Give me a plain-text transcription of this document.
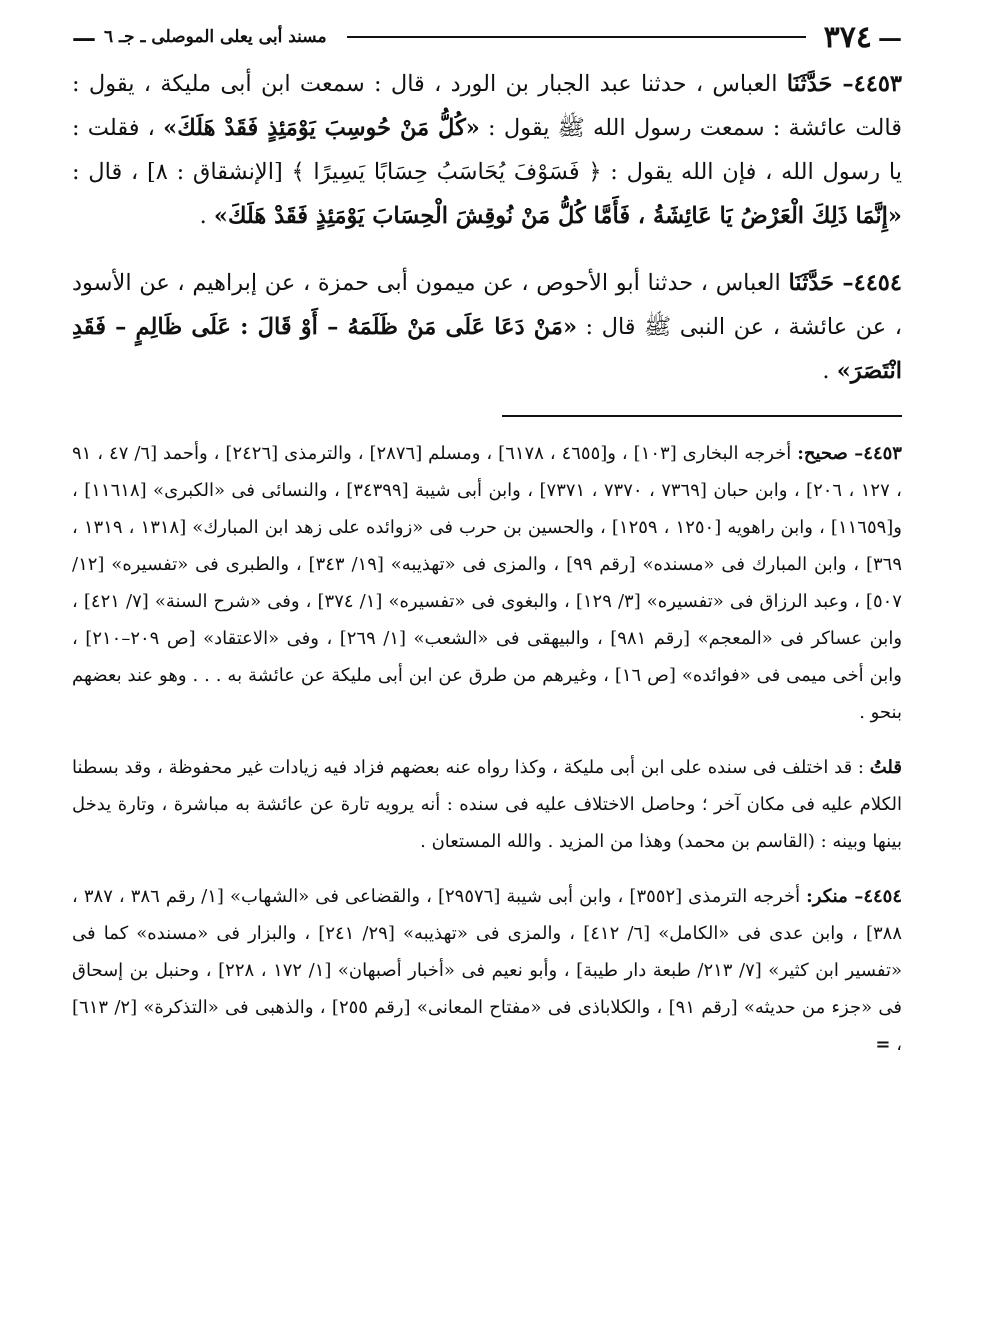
—
٣٧٤
مسند أبى يعلى الموصلى ـ جـ ٦
—

٤٤٥٣– حَدَّثَنَا العباس ، حدثنا عبد الجبار بن الورد ، قال : سمعت ابن أبى مليكة ، يقول : قالت عائشة : سمعت رسول الله ﷺ يقول : «كُلُّ مَنْ حُوسِبَ يَوْمَئِذٍ فَقَدْ هَلَكَ» ، فقلت : يا رسول الله ، فإن الله يقول : ﴿ فَسَوْفَ يُحَاسَبُ حِسَابًا يَسِيرًا ﴾ [الإنشقاق : ٨] ، قال : «إِنَّمَا ذَلِكَ الْعَرْضُ يَا عَائِشَةُ ، فَأَمَّا كُلُّ مَنْ نُوقِشَ الْحِسَابَ يَوْمَئِذٍ فَقَدْ هَلَكَ» .

٤٤٥٤– حَدَّثَنَا العباس ، حدثنا أبو الأحوص ، عن ميمون أبى حمزة ، عن إبراهيم ، عن الأسود ، عن عائشة ، عن النبى ﷺ قال : «مَنْ دَعَا عَلَى مَنْ ظَلَمَهُ – أَوْ قَالَ : عَلَى ظَالِمٍ – فَقَدِ انْتَصَرَ» .

٤٤٥٣– صحيح: أخرجه البخارى [١٠٣] ، و[٤٦٥٥ ، ٦١٧٨] ، ومسلم [٢٨٧٦] ، والترمذى [٢٤٢٦] ، وأحمد [٦/ ٤٧ ، ٩١ ، ١٢٧ ، ٢٠٦] ، وابن حبان [٧٣٦٩ ، ٧٣٧٠ ، ٧٣٧١] ، وابن أبى شيبة [٣٤٣٩٩] ، والنسائى فى «الكبرى» [١١٦١٨] ، و[١١٦٥٩] ، وابن راهويه [١٢٥٠ ، ١٢٥٩] ، والحسين بن حرب فى «زوائده على زهد ابن المبارك» [١٣١٨ ، ١٣١٩ ، ٣٦٩] ، وابن المبارك فى «مسنده» [رقم ٩٩] ، والمزى فى «تهذيبه» [١٩/ ٣٤٣] ، والطبرى فى «تفسيره» [١٢/ ٥٠٧] ، وعبد الرزاق فى «تفسيره» [٣/ ١٢٩] ، والبغوى فى «تفسيره» [١/ ٣٧٤] ، وفى «شرح السنة» [٧/ ٤٢١] ، وابن عساكر فى «المعجم» [رقم ٩٨١] ، والبيهقى فى «الشعب» [١/ ٢٦٩] ، وفى «الاعتقاد» [ص ٢٠٩–٢١٠] ، وابن أخى ميمى فى «فوائده» [ص ١٦] ، وغيرهم من طرق عن ابن أبى مليكة عن عائشة به . . . وهو عند بعضهم بنحو .

قلتُ : قد اختلف فى سنده على ابن أبى مليكة ، وكذا رواه عنه بعضهم فزاد فيه زيادات غير محفوظة ، وقد بسطنا الكلام عليه فى مكان آخر ؛ وحاصل الاختلاف عليه فى سنده : أنه يرويه تارة عن عائشة به مباشرة ، وتارة يدخل بينها وبينه : (القاسم بن محمد) وهذا من المزيد . والله المستعان .

٤٤٥٤– منكر: أخرجه الترمذى [٣٥٥٢] ، وابن أبى شيبة [٢٩٥٧٦] ، والقضاعى فى «الشهاب» [١/ رقم ٣٨٦ ، ٣٨٧ ، ٣٨٨] ، وابن عدى فى «الكامل» [٦/ ٤١٢] ، والمزى فى «تهذيبه» [٢٩/ ٢٤١] ، والبزار فى «مسنده» كما فى «تفسير ابن كثير» [٧/ ٢١٣/ طبعة دار طيبة] ، وأبو نعيم فى «أخبار أصبهان» [١/ ١٧٢ ، ٢٢٨] ، وحنبل بن إسحاق فى «جزء من حديثه» [رقم ٩١] ، والكلاباذى فى «مفتاح المعانى» [رقم ٢٥٥] ، والذهبى فى «التذكرة» [٢/ ٦١٣] ، =
